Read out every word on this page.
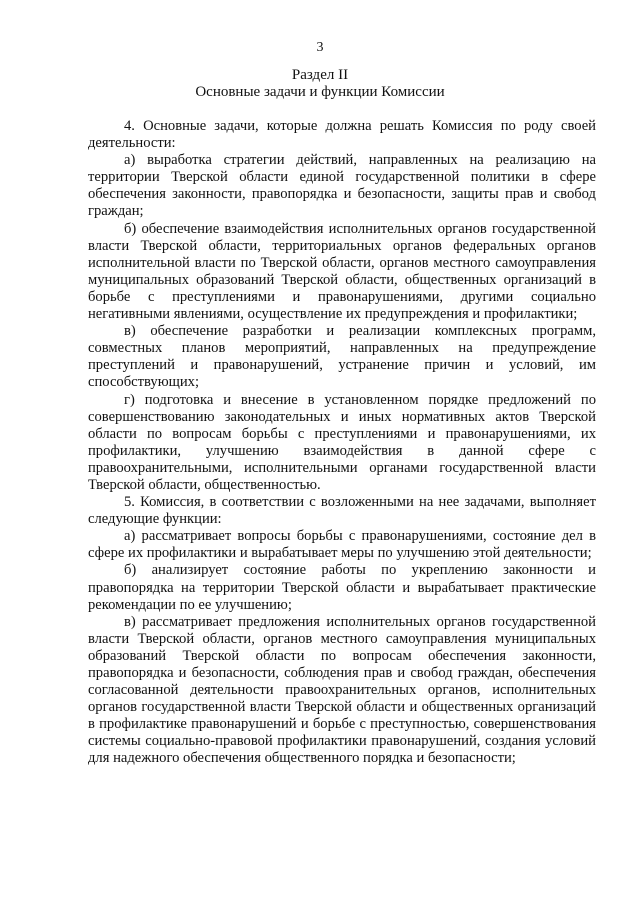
3
Раздел II
Основные задачи и функции Комиссии

4. Основные задачи, которые должна решать Комиссия по роду своей деятельности:

а) выработка стратегии действий, направленных на реализацию на территории Тверской области единой государственной политики в сфере обеспечения законности, правопорядка и безопасности, защиты прав и свобод граждан;

б) обеспечение взаимодействия исполнительных органов государственной власти Тверской области, территориальных органов федеральных органов исполнительной власти по Тверской области, органов местного самоуправления муниципальных образований Тверской области, общественных организаций в борьбе с преступлениями и правонарушениями, другими социально негативными явлениями, осуществление их предупреждения и профилактики;

в) обеспечение разработки и реализации комплексных программ, совместных планов мероприятий, направленных на предупреждение преступлений и правонарушений, устранение причин и условий, им способствующих;

г) подготовка и внесение в установленном порядке предложений по совершенствованию законодательных и иных нормативных актов Тверской области по вопросам борьбы с преступлениями и правонарушениями, их профилактики, улучшению взаимодействия в данной сфере с правоохранительными, исполнительными органами государственной власти Тверской области, общественностью.

5. Комиссия, в соответствии с возложенными на нее задачами, выполняет следующие функции:

а) рассматривает вопросы борьбы с правонарушениями, состояние дел в сфере их профилактики и вырабатывает меры по улучшению этой деятельности;

б) анализирует состояние работы по укреплению законности и правопорядка на территории Тверской области и вырабатывает практические рекомендации по ее улучшению;

в) рассматривает предложения исполнительных органов государственной власти Тверской области, органов местного самоуправления муниципальных образований Тверской области по вопросам обеспечения законности, правопорядка и безопасности, соблюдения прав и свобод граждан, обеспечения согласованной деятельности правоохранительных органов, исполнительных органов государственной власти Тверской области и общественных организаций в профилактике правонарушений и борьбе с преступностью, совершенствования системы социально-правовой профилактики правонарушений, создания условий для надежного обеспечения общественного порядка и безопасности;
